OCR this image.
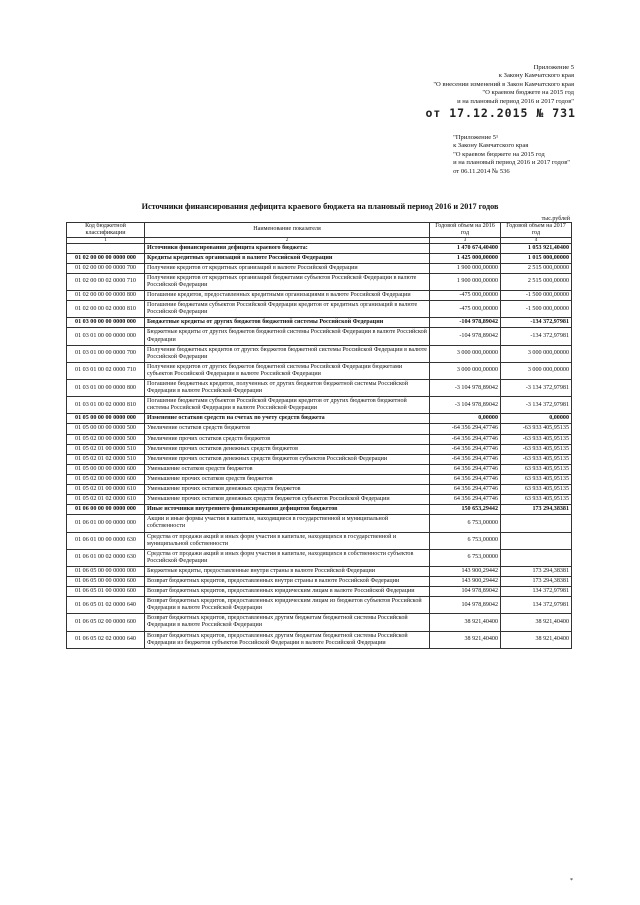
Приложение 5
к Закону Камчатского края
"О внесении изменений в Закон Камчатского края
"О краевом бюджете на 2015 год
и на плановый период 2016 и 2017 годов"
от 17.12.2015 № 731
"Приложение 5¹
к Закону Камчатского края
"О краевом бюджете на 2015 год
и на плановый период 2016 и 2017 годов"
от 06.11.2014 № 536
Источники финансирования дефицита краевого бюджета на плановый период 2016 и 2017 годов
тыс.рублей
Код бюджетной классификации	Наименование показателя	Годовой объем на 2016 год	Годовой объем на 2017 год
1	2	3	4
	Источники финансирования дефицита краевого бюджета:	1 470 674,40400	1 053 921,40400
01 02 00 00 00 0000 000	Кредиты кредитных организаций в валюте Российской Федерации	1 425 000,00000	1 015 000,00000
01 02 00 00 00 0000 700	Получение кредитов от кредитных организаций в валюте Российской Федерации	1 900 000,00000	2 515 000,00000
01 02 00 00 02 0000 710	Получение кредитов от кредитных организаций бюджетами субъектов Российской Федерации в валюте Российской Федерации	1 900 000,00000	2 515 000,00000
01 02 00 00 00 0000 800	Погашение кредитов, предоставленных кредитными организациями в валюте Российской Федерации	-475 000,00000	-1 500 000,00000
01 02 00 00 02 0000 810	Погашение бюджетами субъектов Российской Федерации кредитов от кредитных организаций в валюте Российской Федерации	-475 000,00000	-1 500 000,00000
01 03 00 00 00 0000 000	Бюджетные кредиты от других бюджетов бюджетной системы Российской Федерации	-104 978,89042	-134 372,97981
01 03 01 00 00 0000 000	Бюджетные кредиты от других бюджетов бюджетной системы Российской Федерации в валюте Российской Федерации	-104 978,89042	-134 372,97981
01 03 01 00 00 0000 700	Получение бюджетных кредитов от других бюджетов бюджетной системы Российской Федерации в валюте Российской Федерации	3 000 000,00000	3 000 000,00000
01 03 01 00 02 0000 710	Получение кредитов от других бюджетов бюджетной системы Российской Федерации бюджетами субъектов Российской Федерации в валюте Российской Федерации	3 000 000,00000	3 000 000,00000
01 03 01 00 00 0000 800	Погашение бюджетных кредитов, полученных от других бюджетов бюджетной системы Российской Федерации в валюте Российской Федерации	-3 104 978,89042	-3 134 372,97981
01 03 01 00 02 0000 810	Погашение бюджетами субъектов Российской Федерации кредитов от других бюджетов бюджетной системы Российской Федерации в валюте Российской Федерации	-3 104 978,89042	-3 134 372,97981
01 05 00 00 00 0000 000	Изменение остатков средств на счетах по учету средств бюджета	0,00000	0,00000
01 05 00 00 00 0000 500	Увеличение остатков средств бюджетов	-64 356 294,47746	-63 933 405,95135
01 05 02 00 00 0000 500	Увеличение прочих остатков средств бюджетов	-64 356 294,47746	-63 933 405,95135
01 05 02 01 00 0000 510	Увеличение прочих остатков денежных средств бюджетов	-64 356 294,47746	-63 933 405,95135
01 05 02 01 02 0000 510	Увеличение прочих остатков денежных средств бюджетов субъектов Российской Федерации	-64 356 294,47746	-63 933 405,95135
01 05 00 00 00 0000 600	Уменьшение остатков средств бюджетов	64 356 294,47746	63 933 405,95135
01 05 02 00 00 0000 600	Уменьшение прочих остатков средств бюджетов	64 356 294,47746	63 933 405,95135
01 05 02 01 00 0000 610	Уменьшение прочих остатков денежных средств бюджетов	64 356 294,47746	63 933 405,95135
01 05 02 01 02 0000 610	Уменьшение прочих остатков денежных средств бюджетов субъектов Российской Федерации	64 356 294,47746	63 933 405,95135
01 06 00 00 00 0000 000	Иные источники внутреннего финансирования дефицитов бюджетов	150 653,29442	173 294,38381
01 06 01 00 00 0000 000	Акции и иные формы участия в капитале, находящиеся в государственной и муниципальной собственности	6 753,00000	
01 06 01 00 00 0000 630	Средства от продажи акций и иных форм участия в капитале, находящихся в государственной и муниципальной собственности	6 753,00000	
01 06 01 00 02 0000 630	Средства от продажи акций и иных форм участия в капитале, находящихся в собственности субъектов Российской Федерации	6 753,00000	
01 06 05 00 00 0000 000	Бюджетные кредиты, предоставленные внутри страны в валюте Российской Федерации	143 900,29442	173 294,38381
01 06 05 00 00 0000 600	Возврат бюджетных кредитов, предоставленных внутри страны в валюте Российской Федерации	143 900,29442	173 294,38381
01 06 05 01 00 0000 600	Возврат бюджетных кредитов, предоставленных юридическим лицам в валюте Российской Федерации	104 978,89042	134 372,97981
01 06 05 01 02 0000 640	Возврат бюджетных кредитов, предоставленных юридическим лицам из бюджетов субъектов Российской Федерации в валюте Российской Федерации	104 978,89042	134 372,97981
01 06 05 02 00 0000 600	Возврат бюджетных кредитов, предоставленных другим бюджетам бюджетной системы Российской Федерации в валюте Российской Федерации	38 921,40400	38 921,40400
01 06 05 02 02 0000 640	Возврат бюджетных кредитов, предоставленных другим бюджетам бюджетной системы Российской Федерации из бюджетов субъектов Российской Федерации в валюте Российской Федерации	38 921,40400	38 921,40400
*
